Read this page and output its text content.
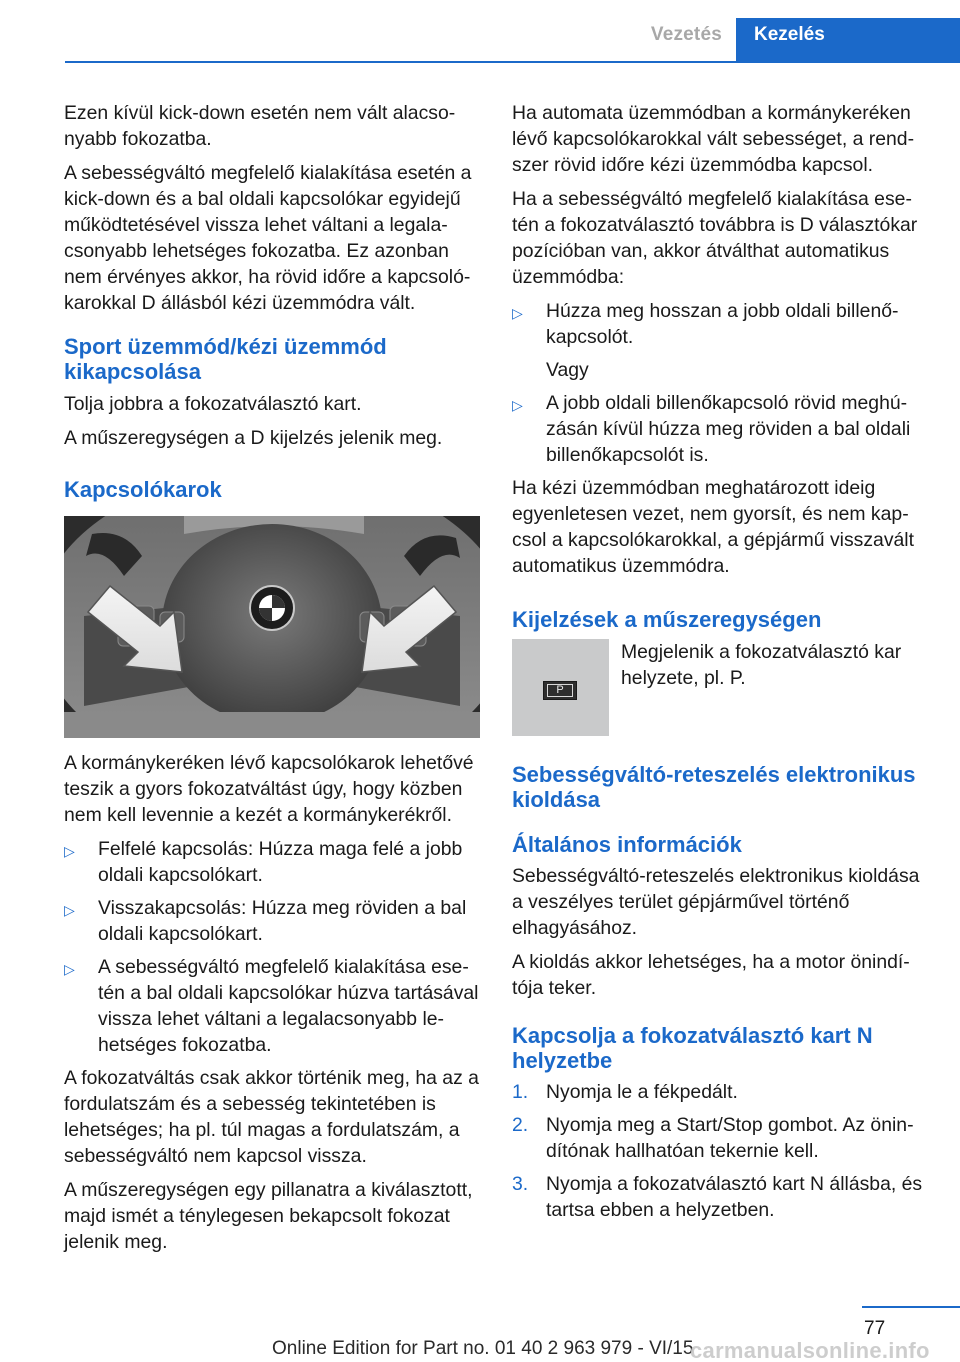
Vezetés	Kezelés

Ezen kívül kick-down esetén nem vált alacsonyabb fokozatba.

A sebességváltó megfelelő kialakítása esetén a kick-down és a bal oldali kapcsolókar egyidejű működtetésével vissza lehet váltani a legalacsonyabb lehetséges fokozatba. Ez azonban nem érvényes akkor, ha rövid időre a kapcsolókarokkal D állásból kézi üzemmódra vált.

Sport üzemmód/kézi üzemmód kikapcsolása

Tolja jobbra a fokozatválasztó kart.

A műszeregységen a D kijelzés jelenik meg.

Kapcsolókarok

A kormánykeréken lévő kapcsolókarok lehetővé teszik a gyors fokozatváltást úgy, hogy közben nem kell levennie a kezét a kormánykerékről.

▷	Felfelé kapcsolás: Húzza maga felé a jobb oldali kapcsolókart.
▷	Visszakapcsolás: Húzza meg röviden a bal oldali kapcsolókart.
▷	A sebességváltó megfelelő kialakítása esetén a bal oldali kapcsolókar húzva tartásával vissza lehet váltani a legalacsonyabb lehetséges fokozatba.

A fokozatváltás csak akkor történik meg, ha az a fordulatszám és a sebesség tekintetében is lehetséges; ha pl. túl magas a fordulatszám, a sebességváltó nem kapcsol vissza.

A műszeregységen egy pillanatra a kiválasztott, majd ismét a ténylegesen bekapcsolt fokozat jelenik meg.

Ha automata üzemmódban a kormánykeréken lévő kapcsolókarokkal vált sebességet, a rendszer rövid időre kézi üzemmódba kapcsol.

Ha a sebességváltó megfelelő kialakítása esetén a fokozatválasztó továbbra is D választókar pozícióban van, akkor átválthat automatikus üzemmódba:

▷	Húzza meg hosszan a jobb oldali billenőkapcsolót.
Vagy
▷	A jobb oldali billenőkapcsoló rövid meghúzásán kívül húzza meg röviden a bal oldali billenőkapcsolót is.

Ha kézi üzemmódban meghatározott ideig egyenletesen vezet, nem gyorsít, és nem kapcsol a kapcsolókarokkal, a gépjármű visszavált automatikus üzemmódra.

Kijelzések a műszeregységen
P
Megjelenik a fokozatválasztó kar helyzete, pl. P.
Sebességváltó-reteszelés elektronikus kioldása
Általános információk

Sebességváltó-reteszelés elektronikus kioldása a veszélyes terület gépjárművel történő elhagyásához.

A kioldás akkor lehetséges, ha a motor önindítója teker.

Kapcsolja a fokozatválasztó kart N helyzetbe
1. Nyomja le a fékpedált.
2. Nyomja meg a Start/Stop gombot. Az önindítónak hallhatóan tekernie kell.
3. Nyomja a fokozatválasztó kart N állásba, és tartsa ebben a helyzetben.
77
Online Edition for Part no. 01 40 2 963 979 - VI/15
carmanualsonline.info
